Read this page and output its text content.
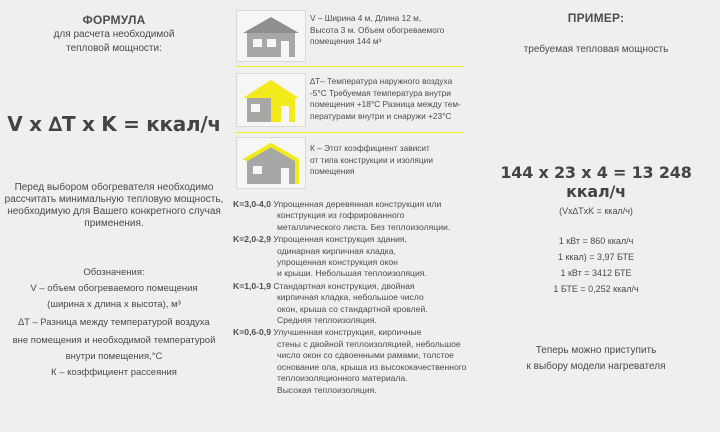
ФОРМУЛА
для расчета необходимой
тепловой мощности:
V x ∆T x K = ккал/ч
Перед выбором обогревателя необходимо
рассчитать минимальную тепловую мощность,
необходимую для Вашего конкретного случая
применения.
Обозначения:
V – объем обогреваемого помещения
(ширина x длина x высота), м³
∆T – Разница между температурой воздуха
вне помещения и необходимой температурой
внутри помещения,°C
К – коэффициент рассеяния
V – Ширина 4 м, Длина 12 м,
Высота 3 м. Объем обогреваемого
помещения 144 м³
∆T– Температура наружного воздуха
-5°C Требуемая температура внутри
помещения +18°C Разница между тем-
пературами внутри и снаружи +23°C
К – Этот коэффициент зависит
от типа конструкции и изоляции
помещения
K=3,0-4,0 Упрощенная деревянная конструкция или
конструкция из гофрированного
металлического листа. Без теплоизоляции.
K=2,0-2,9 Упрощенная конструкция здания,
одинарная кирпичная кладка,
упрощенная конструкция окон
и крыши. Небольшая теплоизоляция.
K=1,0-1,9 Стандартная конструкция, двойная
кирпичная кладка, небольшое число
окон, крыша со стандартной кровлей.
Средняя теплоизоляция.
K=0,6-0,9 Улучшенная конструкция, кирпичные
стены с двойной теплоизоляцией, небольшое
число окон со сдвоенными рамами, толстое
основание ола, крыша из высококачественного
теплоизоляционного материала.
Высокая теплоизоляция.
ПРИМЕР:
требуемая тепловая мощность
144 x 23 x 4 = 13 248 ккал/ч
(Vx∆TxK = ккал/ч)
1 кВт = 860 ккал/ч
1 ккал) = 3,97 БТЕ
1 кВт = 3412 БТЕ
1 БТЕ = 0,252 ккал/ч
Теперь можно приступить
к выбору модели нагревателя
